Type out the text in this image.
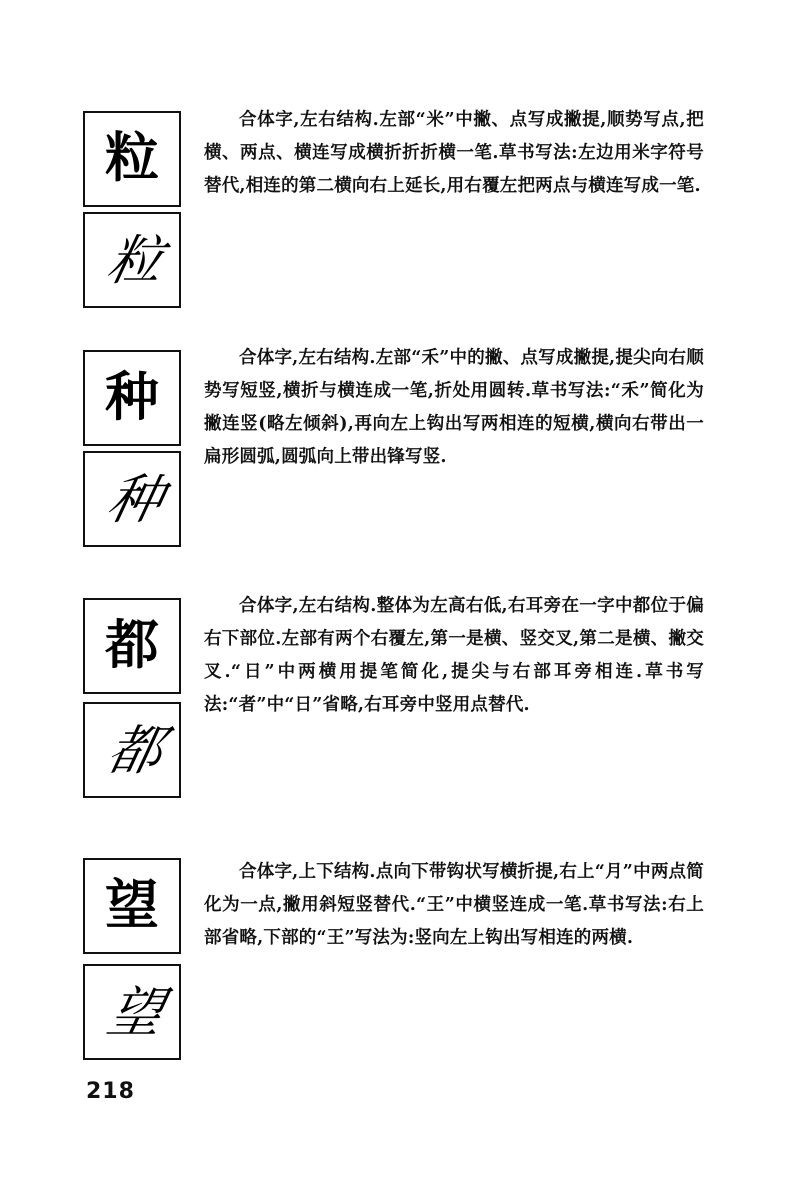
粒
粒

合体字,左右结构.左部“米”中撇、点写成撇提,顺势写点,把横、两点、横连写成横折折折横一笔.草书写法:左边用米字符号替代,相连的第二横向右上延长,用右覆左把两点与横连写成一笔.

种
种

合体字,左右结构.左部“禾”中的撇、点写成撇提,提尖向右顺势写短竖,横折与横连成一笔,折处用圆转.草书写法:“禾”简化为撇连竖(略左倾斜),再向左上钩出写两相连的短横,横向右带出一扁形圆弧,圆弧向上带出锋写竖.

都
都

合体字,左右结构.整体为左高右低,右耳旁在一字中都位于偏右下部位.左部有两个右覆左,第一是横、竖交叉,第二是横、撇交叉.“日”中两横用提笔简化,提尖与右部耳旁相连.草书写法:“者”中“日”省略,右耳旁中竖用点替代.

望
望

合体字,上下结构.点向下带钩状写横折提,右上“月”中两点简化为一点,撇用斜短竖替代.“王”中横竖连成一笔.草书写法:右上部省略,下部的“王”写法为:竖向左上钩出写相连的两横.

218
